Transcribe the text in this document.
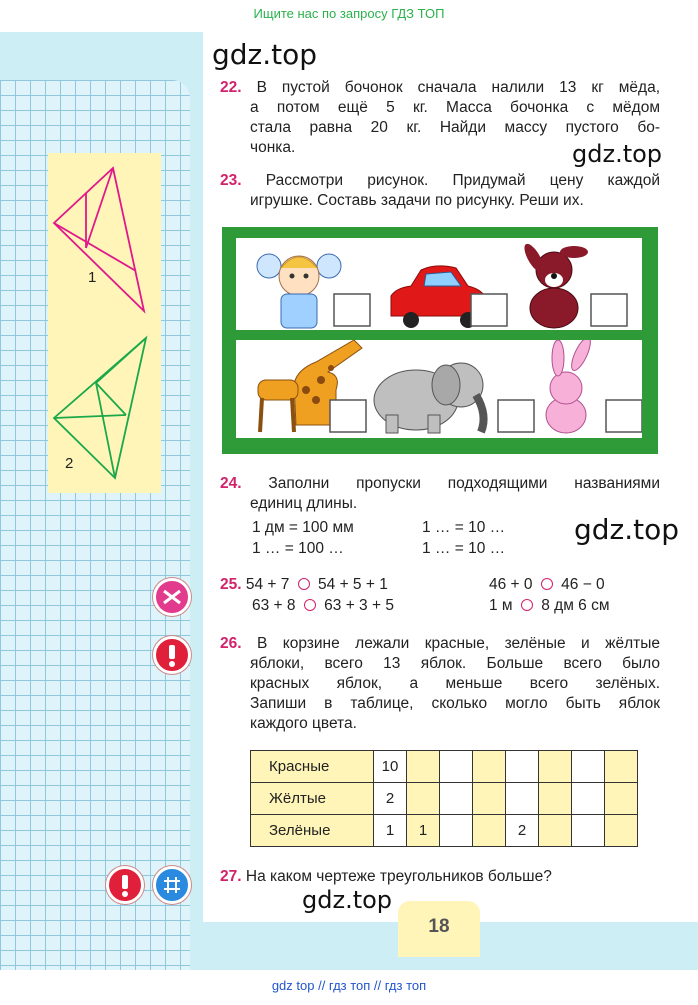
Ищите нас по запросу ГДЗ ТОП
gdz.top
gdz.top
gdz.top
gdz.top
1
2

22. В пустой бочонок сначала налили 13 кг мёда,

а потом ещё 5 кг. Масса бочонка с мёдом

стала равна 20 кг. Найди массу пустого бо-

чонка.

23. Рассмотри рисунок. Придумай цену каждой

игрушке. Составь задачи по рисунку. Реши их.

24. Заполни пропуски подходящими названиями

единиц длины.

1 дм = 100 мм	1 … = 10 …
1 … = 100 …	1 … = 10 …
25. 54 + 7 54 + 5 + 1	46 + 0 46 − 0
63 + 8 63 + 3 + 5	1 м 8 дм 6 см

26. В корзине лежали красные, зелёные и жёлтые

яблоки, всего 13 яблок. Больше всего было

красных яблок, а меньше всего зелёных.

Запиши в таблице, сколько могло быть яблок

каждого цвета.

Красные	10							
Жёлтые	2							
Зелёные	1	1			2			
27. На каком чертеже треугольников больше?
18
gdz top // гдз топ // гдз топ
